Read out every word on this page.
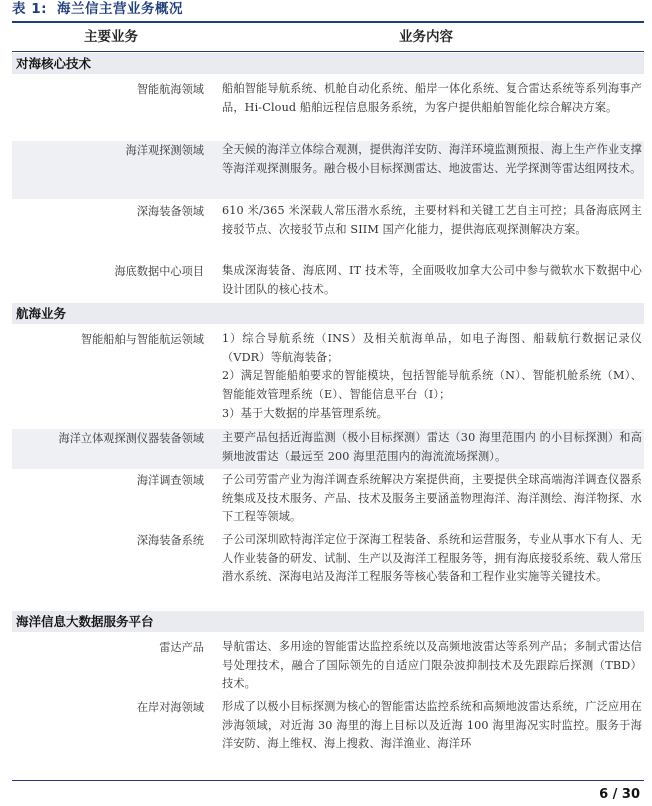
表 1: 海兰信主营业务概况
主要业务	业务内容
对海核心技术
智能航海领域 船舶智能导航系统、机舱自动化系统、船岸一体化系统、复合雷达系统等系列海事产品，Hi-Cloud 船舶远程信息服务系统，为客户提供船舶智能化综合解决方案。
海洋观探测领域 全天候的海洋立体综合观测，提供海洋安防、海洋环境监测预报、海上生产作业支撑等海洋观探测服务。融合极小目标探测雷达、地波雷达、光学探测等雷达组网技术。
深海装备领域 610 米/365 米深载人常压潜水系统，主要材料和关键工艺自主可控；具备海底网主接驳节点、次接驳节点和 SIIM 国产化能力，提供海底观探测解决方案。
海底数据中心项目 集成深海装备、海底网、IT 技术等，全面吸收加拿大公司中参与微软水下数据中心设计团队的核心技术。
航海业务
智能船舶与智能航运领域 1）综合导航系统（INS）及相关航海单品，如电子海图、船载航行数据记录仪（VDR）等航海装备；
2）满足智能船舶要求的智能模块，包括智能导航系统（N）、智能机舱系统（M）、智能能效管理系统（E）、智能信息平台（I）；
3）基于大数据的岸基管理系统。
海洋立体观探测仪器装备领域 主要产品包括近海监测（极小目标探测）雷达（30 海里范围内 的小目标探测）和高频地波雷达（最远至 200 海里范围内的海流流场探测）。
海洋调查领域 子公司劳雷产业为海洋调查系统解决方案提供商，主要提供全球高端海洋调查仪器系统集成及技术服务、产品、技术及服务主要涵盖物理海洋、海洋测绘、海洋物探、水下工程等领域。
深海装备系统 子公司深圳欧特海洋定位于深海工程装备、系统和运营服务，专业从事水下有人、无人作业装备的研发、试制、生产以及海洋工程服务等，拥有海底接驳系统、载人常压潜水系统、深海电站及海洋工程服务等核心装备和工程作业实施等关键技术。
海洋信息大数据服务平台
雷达产品 导航雷达、多用途的智能雷达监控系统以及高频地波雷达等系列产品；多制式雷达信号处理技术，融合了国际领先的自适应门限杂波抑制技术及先跟踪后探测（TBD）技术。
在岸对海领域 形成了以极小目标探测为核心的智能雷达监控系统和高频地波雷达系统，广泛应用在涉海领域，对近海 30 海里的海上目标以及近海 100 海里海况实时监控。服务于海洋安防、海上维权、海上搜救、海洋渔业、海洋环
6 / 30
